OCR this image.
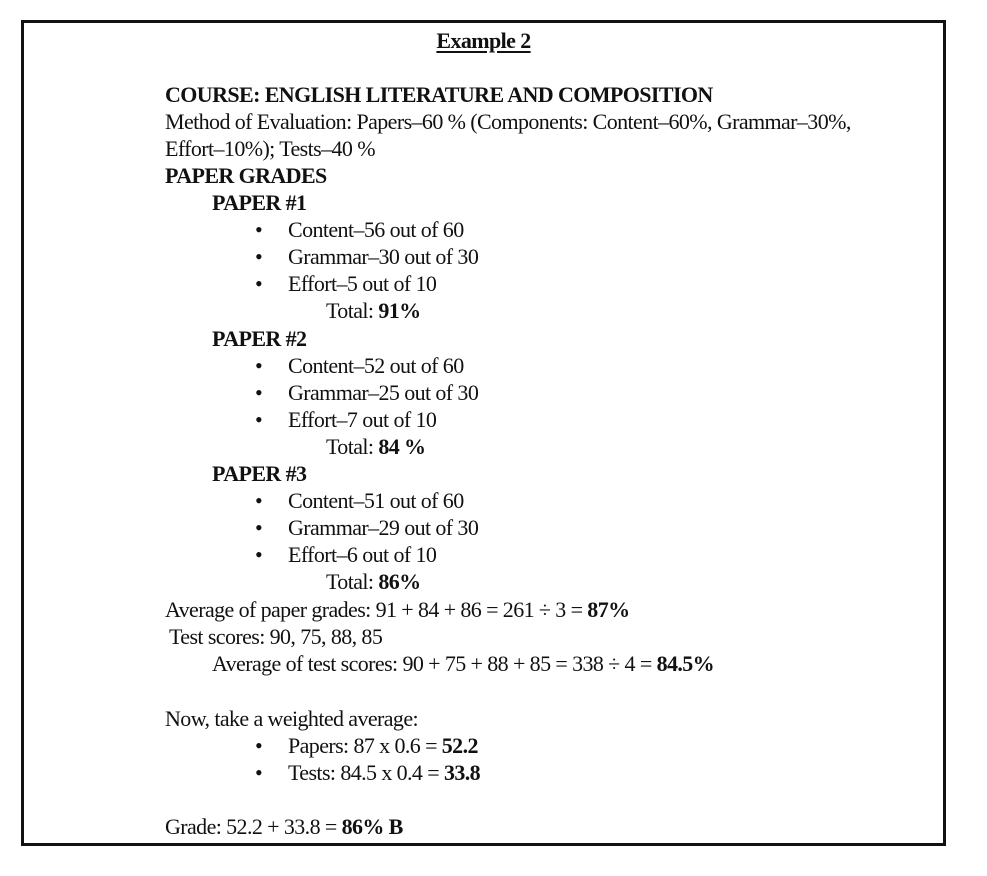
Example 2
COURSE: ENGLISH LITERATURE AND COMPOSITION
Method of Evaluation: Papers–60 % (Components: Content–60%, Grammar–30%,
Effort–10%); Tests–40 %
PAPER GRADES
PAPER #1
• Content–56 out of 60
• Grammar–30 out of 30
• Effort–5 out of 10
Total: 91%
PAPER #2
• Content–52 out of 60
• Grammar–25 out of 30
• Effort–7 out of 10
Total: 84 %
PAPER #3
• Content–51 out of 60
• Grammar–29 out of 30
• Effort–6 out of 10
Total: 86%
Average of paper grades: 91 + 84 + 86 = 261 ÷ 3 = 87%
Test scores: 90, 75, 88, 85
Average of test scores: 90 + 75 + 88 + 85 = 338 ÷ 4 = 84.5%
Now, take a weighted average:
• Papers: 87 x 0.6 = 52.2
• Tests: 84.5 x 0.4 = 33.8
Grade: 52.2 + 33.8 = 86% B
